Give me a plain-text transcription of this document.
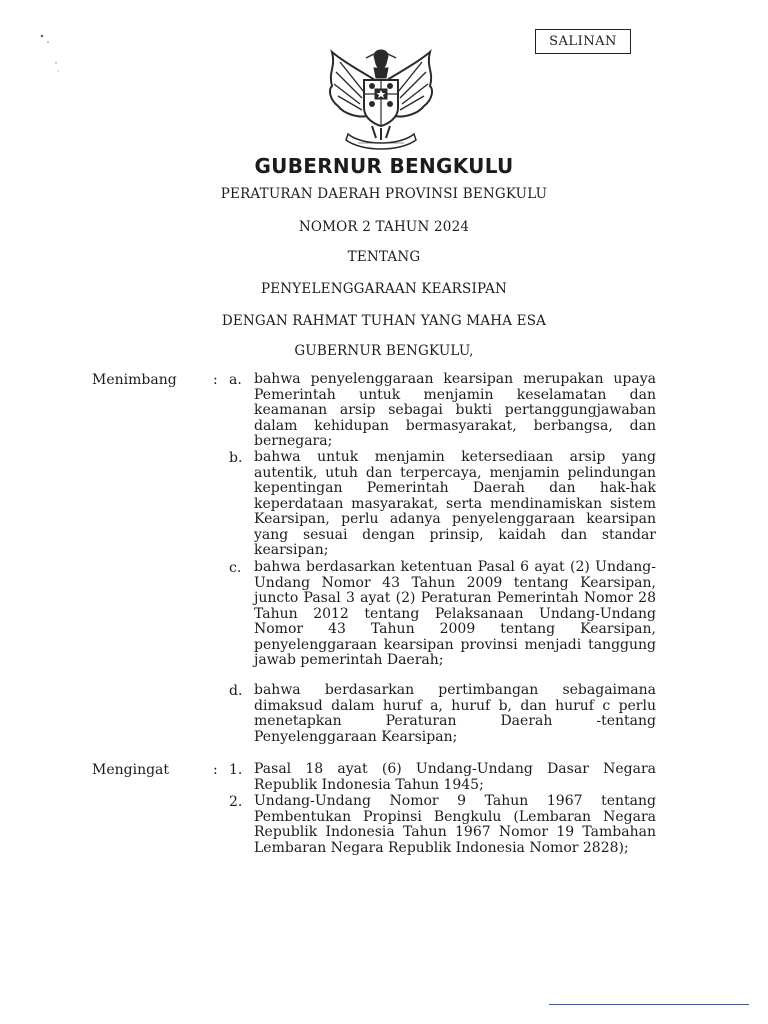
SALINAN
GUBERNUR BENGKULU
PERATURAN DAERAH PROVINSI BENGKULU
NOMOR 2 TAHUN 2024
TENTANG
PENYELENGGARAAN KEARSIPAN
DENGAN RAHMAT TUHAN YANG MAHA ESA
GUBERNUR BENGKULU,
Menimbang	: a. bahwa penyelenggaraan kearsipan merupakan upaya Pemerintah untuk menjamin keselamatan dan keamanan arsip sebagai bukti pertanggungjawaban dalam kehidupan bermasyarakat, berbangsa, dan bernegara;
b. bahwa untuk menjamin ketersediaan arsip yang autentik, utuh dan terpercaya, menjamin pelindungan kepentingan Pemerintah Daerah dan hak-hak keperdataan masyarakat, serta mendinamiskan sistem Kearsipan, perlu adanya penyelenggaraan kearsipan yang sesuai dengan prinsip, kaidah dan standar kearsipan;
c. bahwa berdasarkan ketentuan Pasal 6 ayat (2) Undang- Undang Nomor 43 Tahun 2009 tentang Kearsipan, juncto Pasal 3 ayat (2) Peraturan Pemerintah Nomor 28 Tahun 2012 tentang Pelaksanaan Undang-Undang Nomor 43 Tahun 2009 tentang Kearsipan, penyelenggaraan kearsipan provinsi menjadi tanggung jawab pemerintah Daerah;
d. bahwa berdasarkan pertimbangan sebagaimana dimaksud dalam huruf a, huruf b, dan huruf c perlu menetapkan Peraturan Daerah -tentang Penyelenggaraan Kearsipan;
Mengingat	: 1. Pasal 18 ayat (6) Undang-Undang Dasar Negara Republik Indonesia Tahun 1945;
2. Undang-Undang Nomor 9 Tahun 1967 tentang Pembentukan Propinsi Bengkulu (Lembaran Negara Republik Indonesia Tahun 1967 Nomor 19 Tambahan Lembaran Negara Republik Indonesia Nomor 2828);
